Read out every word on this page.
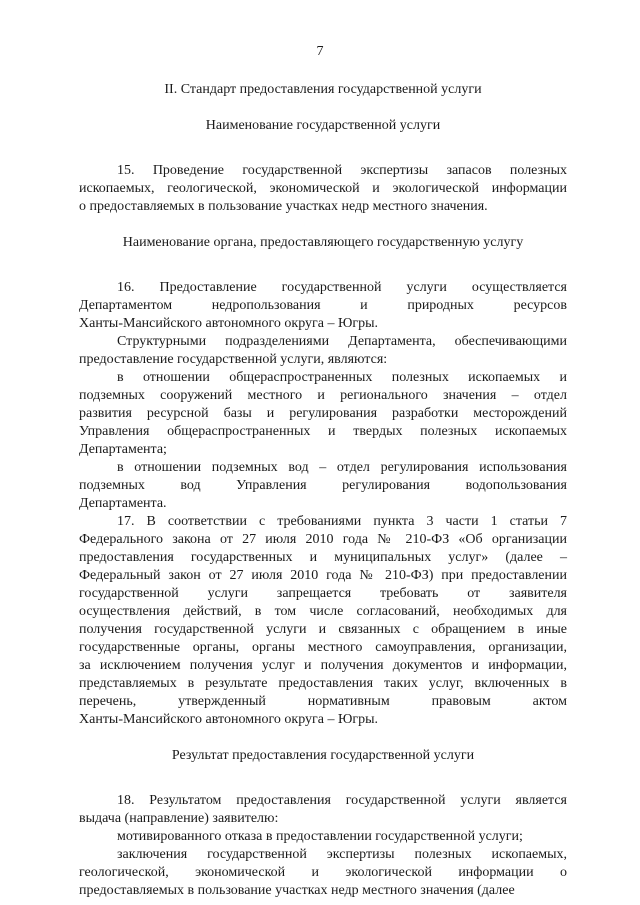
7
II. Стандарт предоставления государственной услуги
Наименование государственной услуги
15. Проведение государственной экспертизы запасов полезных
ископаемых, геологической, экономической и экологической информации
о предоставляемых в пользование участках недр местного значения.
Наименование органа, предоставляющего государственную услугу
16. Предоставление государственной услуги осуществляется
Департаментом недропользования и природных ресурсов
Ханты-Мансийского автономного округа – Югры.
Структурными подразделениями Департамента, обеспечивающими
предоставление государственной услуги, являются:
в отношении общераспространенных полезных ископаемых и
подземных сооружений местного и регионального значения – отдел
развития ресурсной базы и регулирования разработки месторождений
Управления общераспространенных и твердых полезных ископаемых
Департамента;
в отношении подземных вод – отдел регулирования использования
подземных вод Управления регулирования водопользования
Департамента.
17. В соответствии с требованиями пункта 3 части 1 статьи 7
Федерального закона от 27 июля 2010 года № 210-ФЗ «Об организации
предоставления государственных и муниципальных услуг» (далее –
Федеральный закон от 27 июля 2010 года № 210-ФЗ) при предоставлении
государственной услуги запрещается требовать от заявителя
осуществления действий, в том числе согласований, необходимых для
получения государственной услуги и связанных с обращением в иные
государственные органы, органы местного самоуправления, организации,
за исключением получения услуг и получения документов и информации,
представляемых в результате предоставления таких услуг, включенных в
перечень, утвержденный нормативным правовым актом
Ханты-Мансийского автономного округа – Югры.
Результат предоставления государственной услуги
18. Результатом предоставления государственной услуги является
выдача (направление) заявителю:
мотивированного отказа в предоставлении государственной услуги;
заключения государственной экспертизы полезных ископаемых,
геологической, экономической и экологической информации о
предоставляемых в пользование участках недр местного значения (далее
